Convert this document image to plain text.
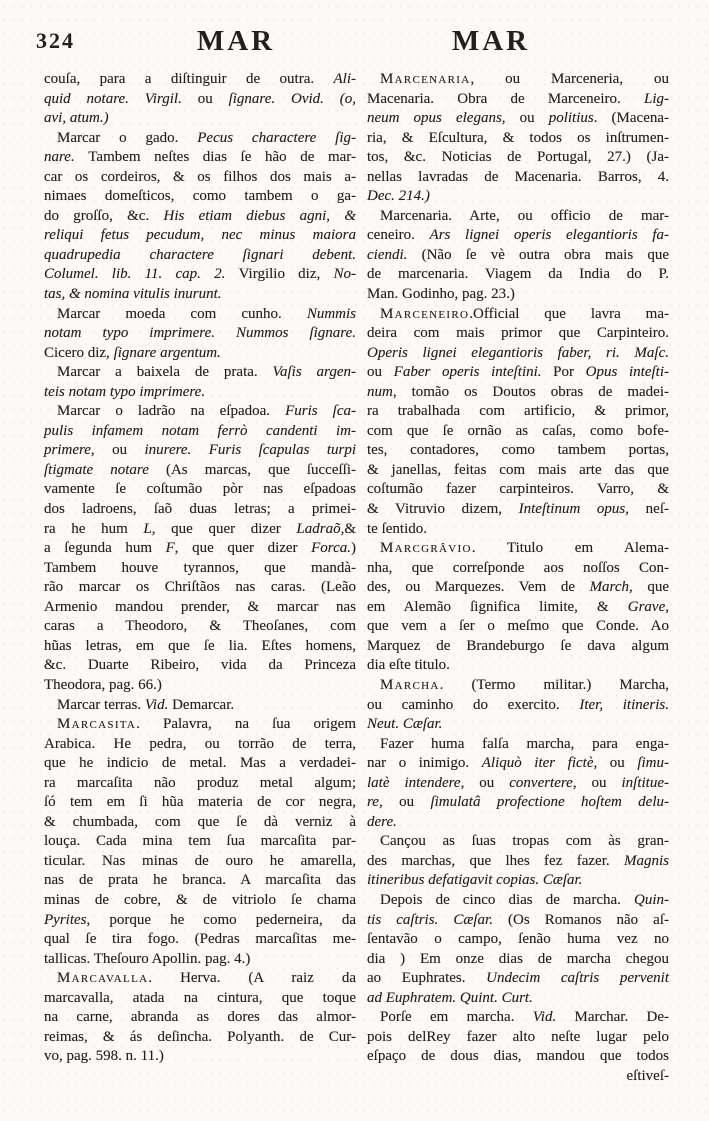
324	MAR	MAR
couſa, para a diſtinguir de outra. Ali-
quid notare. Virgil. ou ſignare. Ovid. (o,
avi, atum.)
Marcar o gado. Pecus charactere ſig-
nare. Tambem neſtes dias ſe hão de mar-
car os cordeiros, & os filhos dos mais a-
nimaes domeſticos, como tambem o ga-
do groſſo, &c. His etiam diebus agni, &
reliqui fetus pecudum, nec minus maiora
quadrupedia charactere ſignari debent.
Columel. lib. 11. cap. 2. Virgilio diz, No-
tas, & nomina vitulis inurunt.
Marcar moeda com cunho. Nummis
notam typo imprimere. Nummos ſignare.
Cicero diz, ſignare argentum.
Marcar a baixela de prata. Vaſis argen-
teis notam typo imprimere.
Marcar o ladrão na eſpadoa. Furis ſca-
pulis infamem notam ferrò candenti im-
primere, ou inurere. Furis ſcapulas turpi
ſtigmate notare (As marcas, que ſucceſſi-
vamente ſe coſtumão pòr nas eſpadoas
dos ladroens, ſaõ duas letras; a primei-
ra he hum L, que quer dizer Ladraõ,&
a ſegunda hum F, que quer dizer Forca.)
Tambem houve tyrannos, que mandà-
rão marcar os Chriſtãos nas caras. (Leão
Armenio mandou prender, & marcar nas
caras a Theodoro, & Theoſanes, com
hũas letras, em que ſe lia. Eſtes homens,
&c. Duarte Ribeiro, vida da Princeza
Theodora, pag. 66.)
Marcar terras. Vid. Demarcar.
Marcasita. Palavra, na ſua origem
Arabica. He pedra, ou torrão de terra,
que he indicio de metal. Mas a verdadei-
ra marcaſita não produz metal algum;
ſó tem em ſi hũa materia de cor negra,
& chumbada, com que ſe dà verniz à
louça. Cada mina tem ſua marcaſita par-
ticular. Nas minas de ouro he amarella,
nas de prata he branca. A marcaſita das
minas de cobre, & de vitriolo ſe chama
Pyrites, porque he como pederneira, da
qual ſe tira fogo. (Pedras marcaſitas me-
tallicas. Theſouro Apollin. pag. 4.)
Marcavalla. Herva. (A raiz da
marcavalla, atada na cintura, que toque
na carne, abranda as dores das almor-
reimas, & ás deſincha. Polyanth. de Cur-
vo, pag. 598. n. 11.)
Marcenaria, ou Marceneria, ou
Macenaria. Obra de Marceneiro. Lig-
neum opus elegans, ou politius. (Macena-
ria, & Eſcultura, & todos os inſtrumen-
tos, &c. Noticias de Portugal, 27.) (Ja-
nellas lavradas de Macenaria. Barros, 4.
Dec. 214.)
Marcenaria. Arte, ou officio de mar-
ceneiro. Ars lignei operis elegantioris fa-
ciendi. (Não ſe vè outra obra mais que
de marcenaria. Viagem da India do P.
Man. Godinho, pag. 23.)
Marceneiro.Official que lavra ma-
deira com mais primor que Carpinteiro.
Operis lignei elegantioris faber, ri. Maſc.
ou Faber operis inteſtini. Por Opus inteſti-
num, tomão os Doutos obras de madei-
ra trabalhada com artificio, & primor,
com que ſe ornão as caſas, como bofe-
tes, contadores, como tambem portas,
& janellas, feitas com mais arte das que
coſtumão fazer carpinteiros. Varro, &
& Vitruvio dizem, Inteſtinum opus, neſ-
te ſentido.
Marcgrâvio. Titulo em Alema-
nha, que correſponde aos noſſos Con-
des, ou Marquezes. Vem de March, que
em Alemão ſignifica limite, & Grave,
que vem a ſer o meſmo que Conde. Ao
Marquez de Brandeburgo ſe dava algum
dia eſte titulo.
Marcha. (Termo militar.) Marcha,
ou caminho do exercito. Iter, itineris.
Neut. Cæſar.
Fazer huma falſa marcha, para enga-
nar o inimigo. Aliquò iter fictè, ou ſimu-
latè intendere, ou convertere, ou inſtitue-
re, ou ſimulatâ profectione hoſtem delu-
dere.
Cançou as ſuas tropas com às gran-
des marchas, que lhes fez fazer. Magnis
itineribus defatigavit copias. Cæſar.
Depois de cinco dias de marcha. Quin-
tis caſtris. Cæſar. (Os Romanos não aſ-
ſentavão o campo, ſenão huma vez no
dia ) Em onze dias de marcha chegou
ao Euphrates. Undecim caſtris pervenit
ad Euphratem. Quint. Curt.
Porſe em marcha. Vid. Marchar. De-
pois delRey fazer alto neſte lugar pelo
eſpaço de dous dias, mandou que todos
eſtiveſ-
